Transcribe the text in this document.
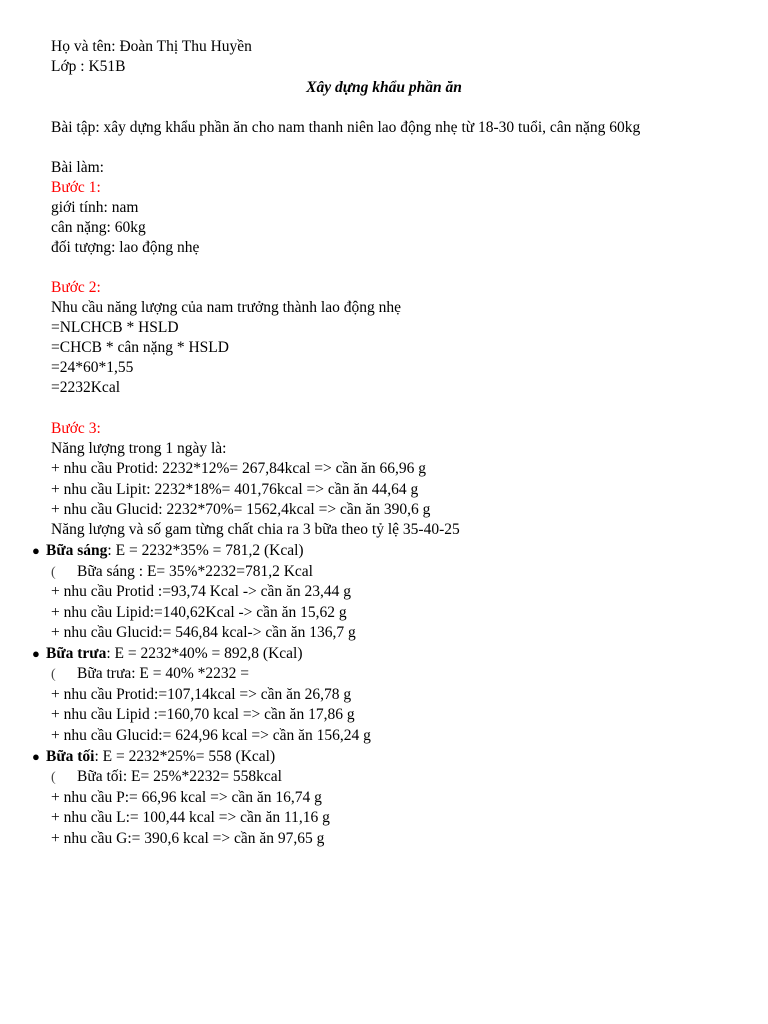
Họ và tên: Đoàn Thị Thu Huyền
Lớp : K51B
Xây dựng khẩu phần ăn
Bài tập: xây dựng khẩu phần ăn cho nam thanh niên lao động nhẹ từ 18-30 tuổi, cân nặng 60kg
Bài làm:
Bước 1:
giới tính: nam
cân nặng: 60kg
đối tượng: lao động nhẹ
Bước 2:
Nhu cầu năng lượng của nam trưởng thành lao động nhẹ
=NLCHCB * HSLD
=CHCB * cân nặng * HSLD
=24*60*1,55
=2232Kcal
Bước 3:
Năng lượng trong 1 ngày là:
+ nhu cầu Protid: 2232*12%= 267,84kcal => cần ăn 66,96 g
+ nhu cầu Lipit: 2232*18%= 401,76kcal => cần ăn 44,64 g
+ nhu cầu Glucid: 2232*70%= 1562,4kcal => cần ăn 390,6 g
Năng lượng và số gam từng chất chia ra 3 bữa theo tỷ lệ 35-40-25
● Bữa sáng: E = 2232*35% = 781,2 (Kcal)
( Bữa sáng : E= 35%*2232=781,2 Kcal
+ nhu cầu Protid :=93,74 Kcal -> cần ăn 23,44 g
+ nhu cầu Lipid:=140,62Kcal -> cần ăn 15,62 g
+ nhu cầu Glucid:= 546,84 kcal-> cần ăn 136,7 g
● Bữa trưa: E = 2232*40% = 892,8 (Kcal)
( Bữa trưa: E = 40% *2232 =
+ nhu cầu Protid:=107,14kcal => cần ăn 26,78 g
+ nhu cầu Lipid :=160,70 kcal => cần ăn 17,86 g
+ nhu cầu Glucid:= 624,96 kcal => cần ăn 156,24 g
● Bữa tối: E = 2232*25%= 558 (Kcal)
( Bữa tối: E= 25%*2232= 558kcal
+ nhu cầu P:= 66,96 kcal => cần ăn 16,74 g
+ nhu cầu L:= 100,44 kcal => cần ăn 11,16 g
+ nhu cầu G:= 390,6 kcal => cần ăn 97,65 g
